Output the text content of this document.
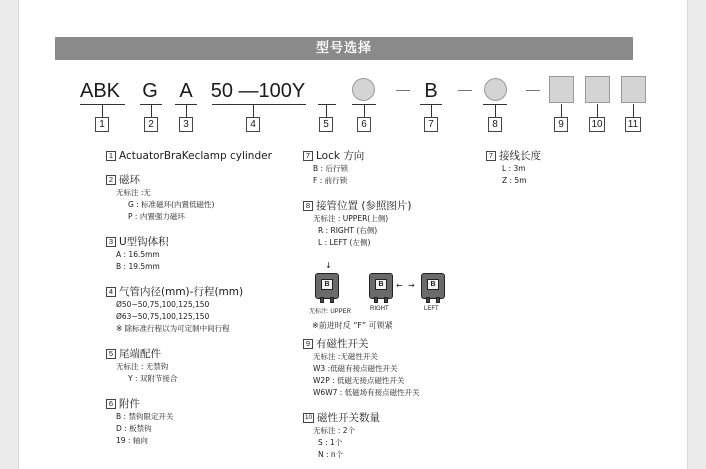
型号选择
ABK G A 50 —100Y	B
1	2	3	4	5	6	7	8	9	10	11
1 ActuatorBraKeclamp cylinder
2 磁环
无标注 :无
G : 标准磁环(内置低磁性)
P : 内置强力磁环
3 U型钩体积
A : 16.5mm
B : 19.5mm
4 气管内径(mm)-行程(mm)
Ø50~50,75,100,125,150
Ø63~50,75,100,125,150
※ 除标准行程以为可定制中间行程
5 尾端配件
无标注 : 无禁钩
Y : 双附节接合
6 附件
B : 禁钩限定开关
D : 板禁钩
19 : 轴向
7 Lock 方向
B : 后行锁
F : 前行锁
8 接管位置 (参照图片)
无标注 : UPPER(上侧)
R : RIGHT (右侧)
L : LEFT (左侧)
↓
B	B	← →	B
无标注: UPPER	RIGHT	LEFT
※前进时反 “F” 可锁紧
9 有磁性开关
无标注 :无磁性开关
W3 :低磁有接点磁性开关
W2P : 低磁无接点磁性开关
W6W7 : 低磁场有接点磁性开关
10 磁性开关数量
无标注 : 2个
S : 1个
N : n个
7 接线长度
L : 3m
Z : 5m
